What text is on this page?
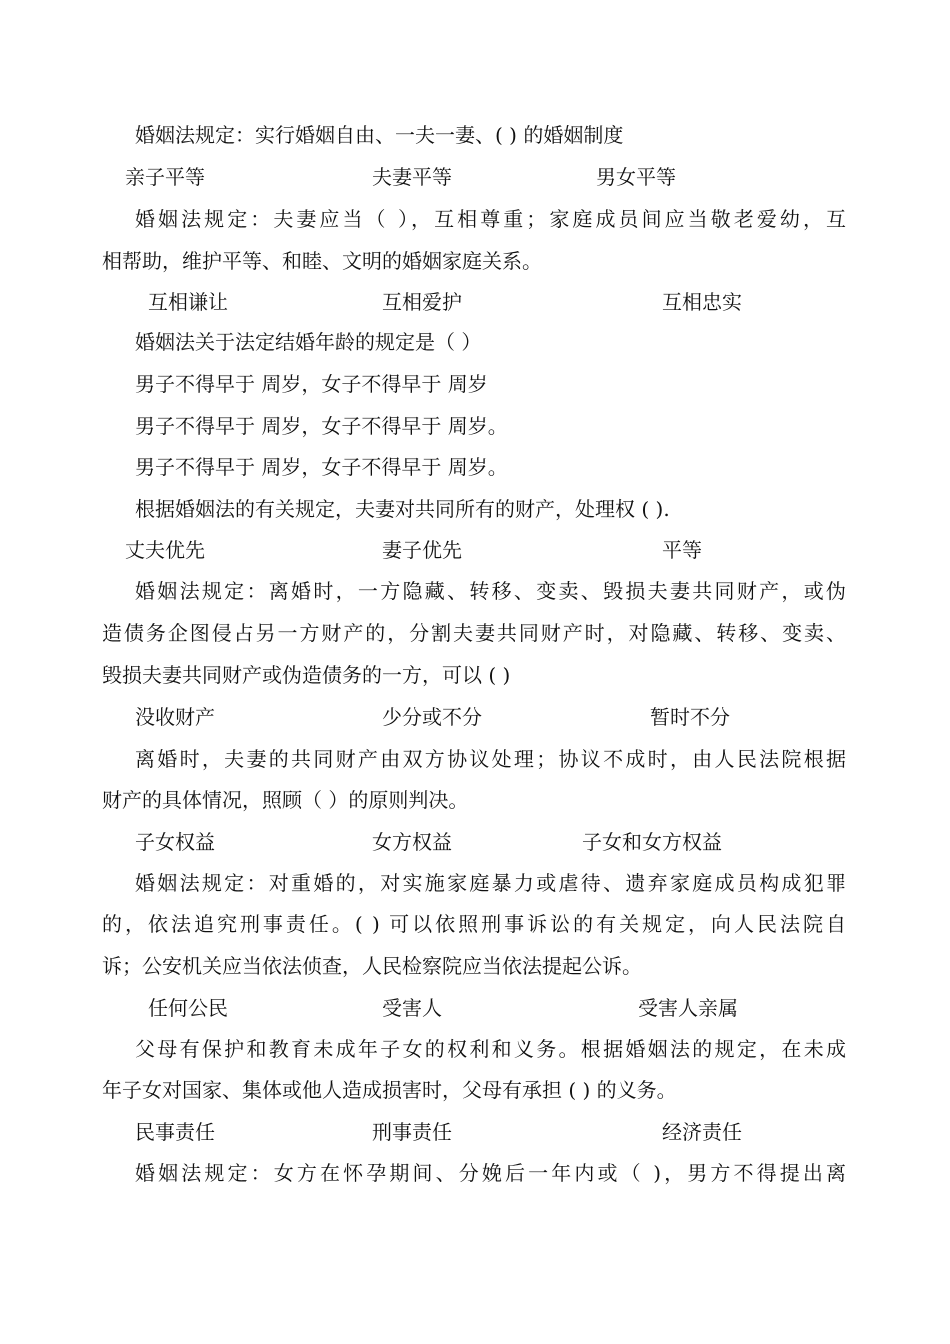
婚姻法规定：实行婚姻自由、一夫一妻、( ) 的婚姻制度
亲子平等	夫妻平等	男女平等
婚姻法规定：夫妻应当（ ），互相尊重；家庭成员间应当敬老爱幼，互
相帮助，维护平等、和睦、文明的婚姻家庭关系。
互相谦让	互相爱护	互相忠实
婚姻法关于法定结婚年龄的规定是（ ）
男子不得早于 周岁，女子不得早于 周岁
男子不得早于 周岁，女子不得早于 周岁。
男子不得早于 周岁，女子不得早于 周岁。
根据婚姻法的有关规定，夫妻对共同所有的财产，处理权 ( ).
丈夫优先	妻子优先	平等
婚姻法规定：离婚时，一方隐藏、转移、变卖、毁损夫妻共同财产，或伪
造债务企图侵占另一方财产的，分割夫妻共同财产时，对隐藏、转移、变卖、
毁损夫妻共同财产或伪造债务的一方，可以 ( )
没收财产	少分或不分	暂时不分
离婚时，夫妻的共同财产由双方协议处理；协议不成时，由人民法院根据
财产的具体情况，照顾（ ）的原则判决。
子女权益	女方权益	子女和女方权益
婚姻法规定：对重婚的，对实施家庭暴力或虐待、遗弃家庭成员构成犯罪
的，依法追究刑事责任。( ) 可以依照刑事诉讼的有关规定，向人民法院自
诉；公安机关应当依法侦查，人民检察院应当依法提起公诉。
任何公民	受害人	受害人亲属
父母有保护和教育未成年子女的权利和义务。根据婚姻法的规定，在未成
年子女对国家、集体或他人造成损害时，父母有承担 ( ) 的义务。
民事责任	刑事责任	经济责任
婚姻法规定：女方在怀孕期间、分娩后一年内或（ )，男方不得提出离
